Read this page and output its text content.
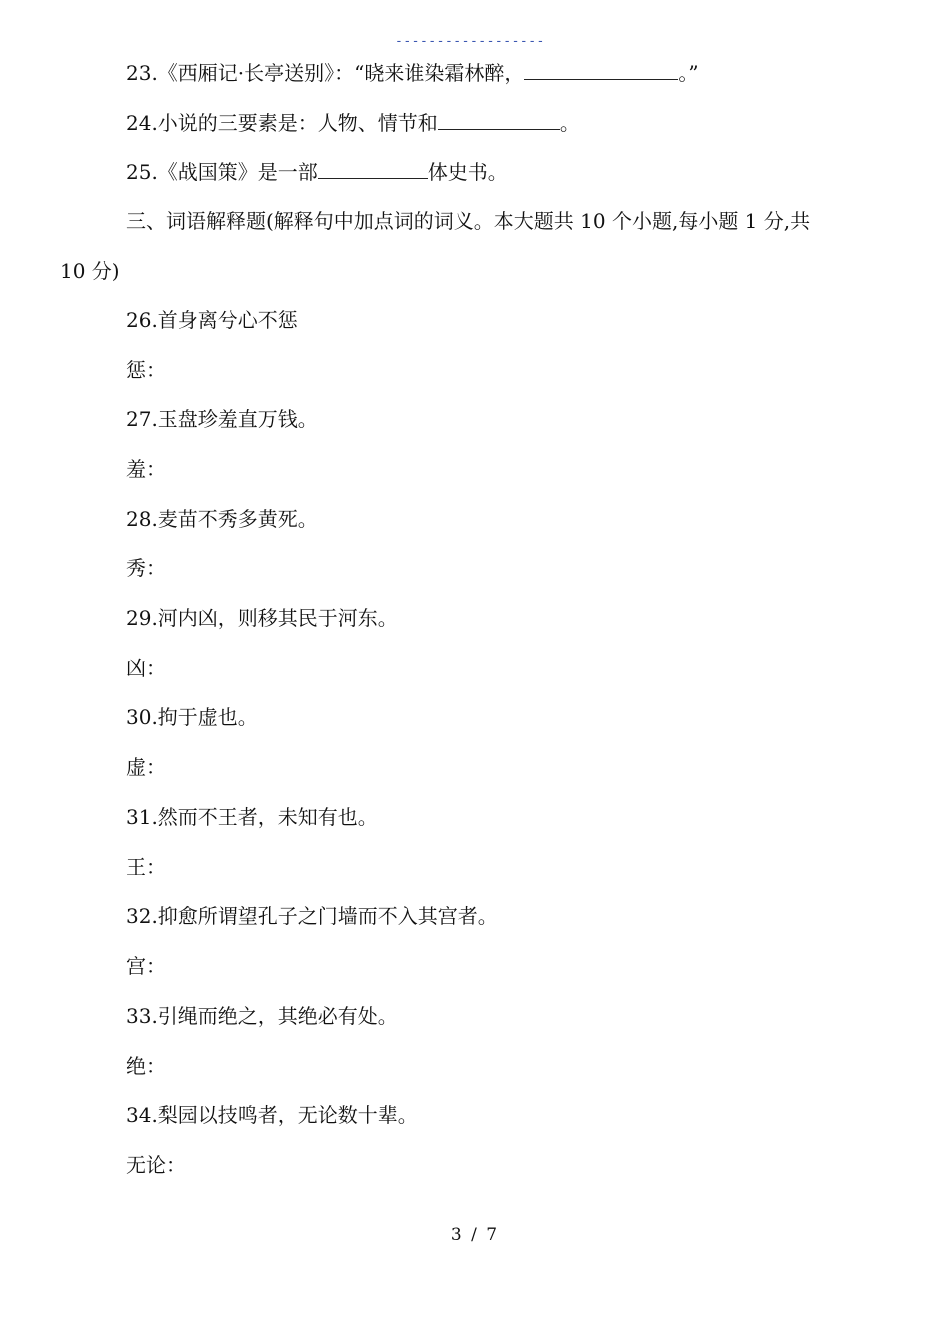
------------------
23.《西厢记·长亭送别》：“晓来谁染霜林醉，	。”
24.小说的三要素是：人物、情节和	。
25.《战国策》是一部	体史书。
三、词语解释题(解释句中加点词的词义。本大题共 10 个小题,每小题 1 分,共
10 分)
26.首身离兮心不惩
惩：
27.玉盘珍羞直万钱。
羞：
28.麦苗不秀多黄死。
秀：
29.河内凶，则移其民于河东。
凶：
30.拘于虚也。
虚：
31.然而不王者，未知有也。
王：
32.抑愈所谓望孔子之门墙而不入其宫者。
宫：
33.引绳而绝之，其绝必有处。
绝：
34.梨园以技鸣者，无论数十辈。
无论：
3 / 7
